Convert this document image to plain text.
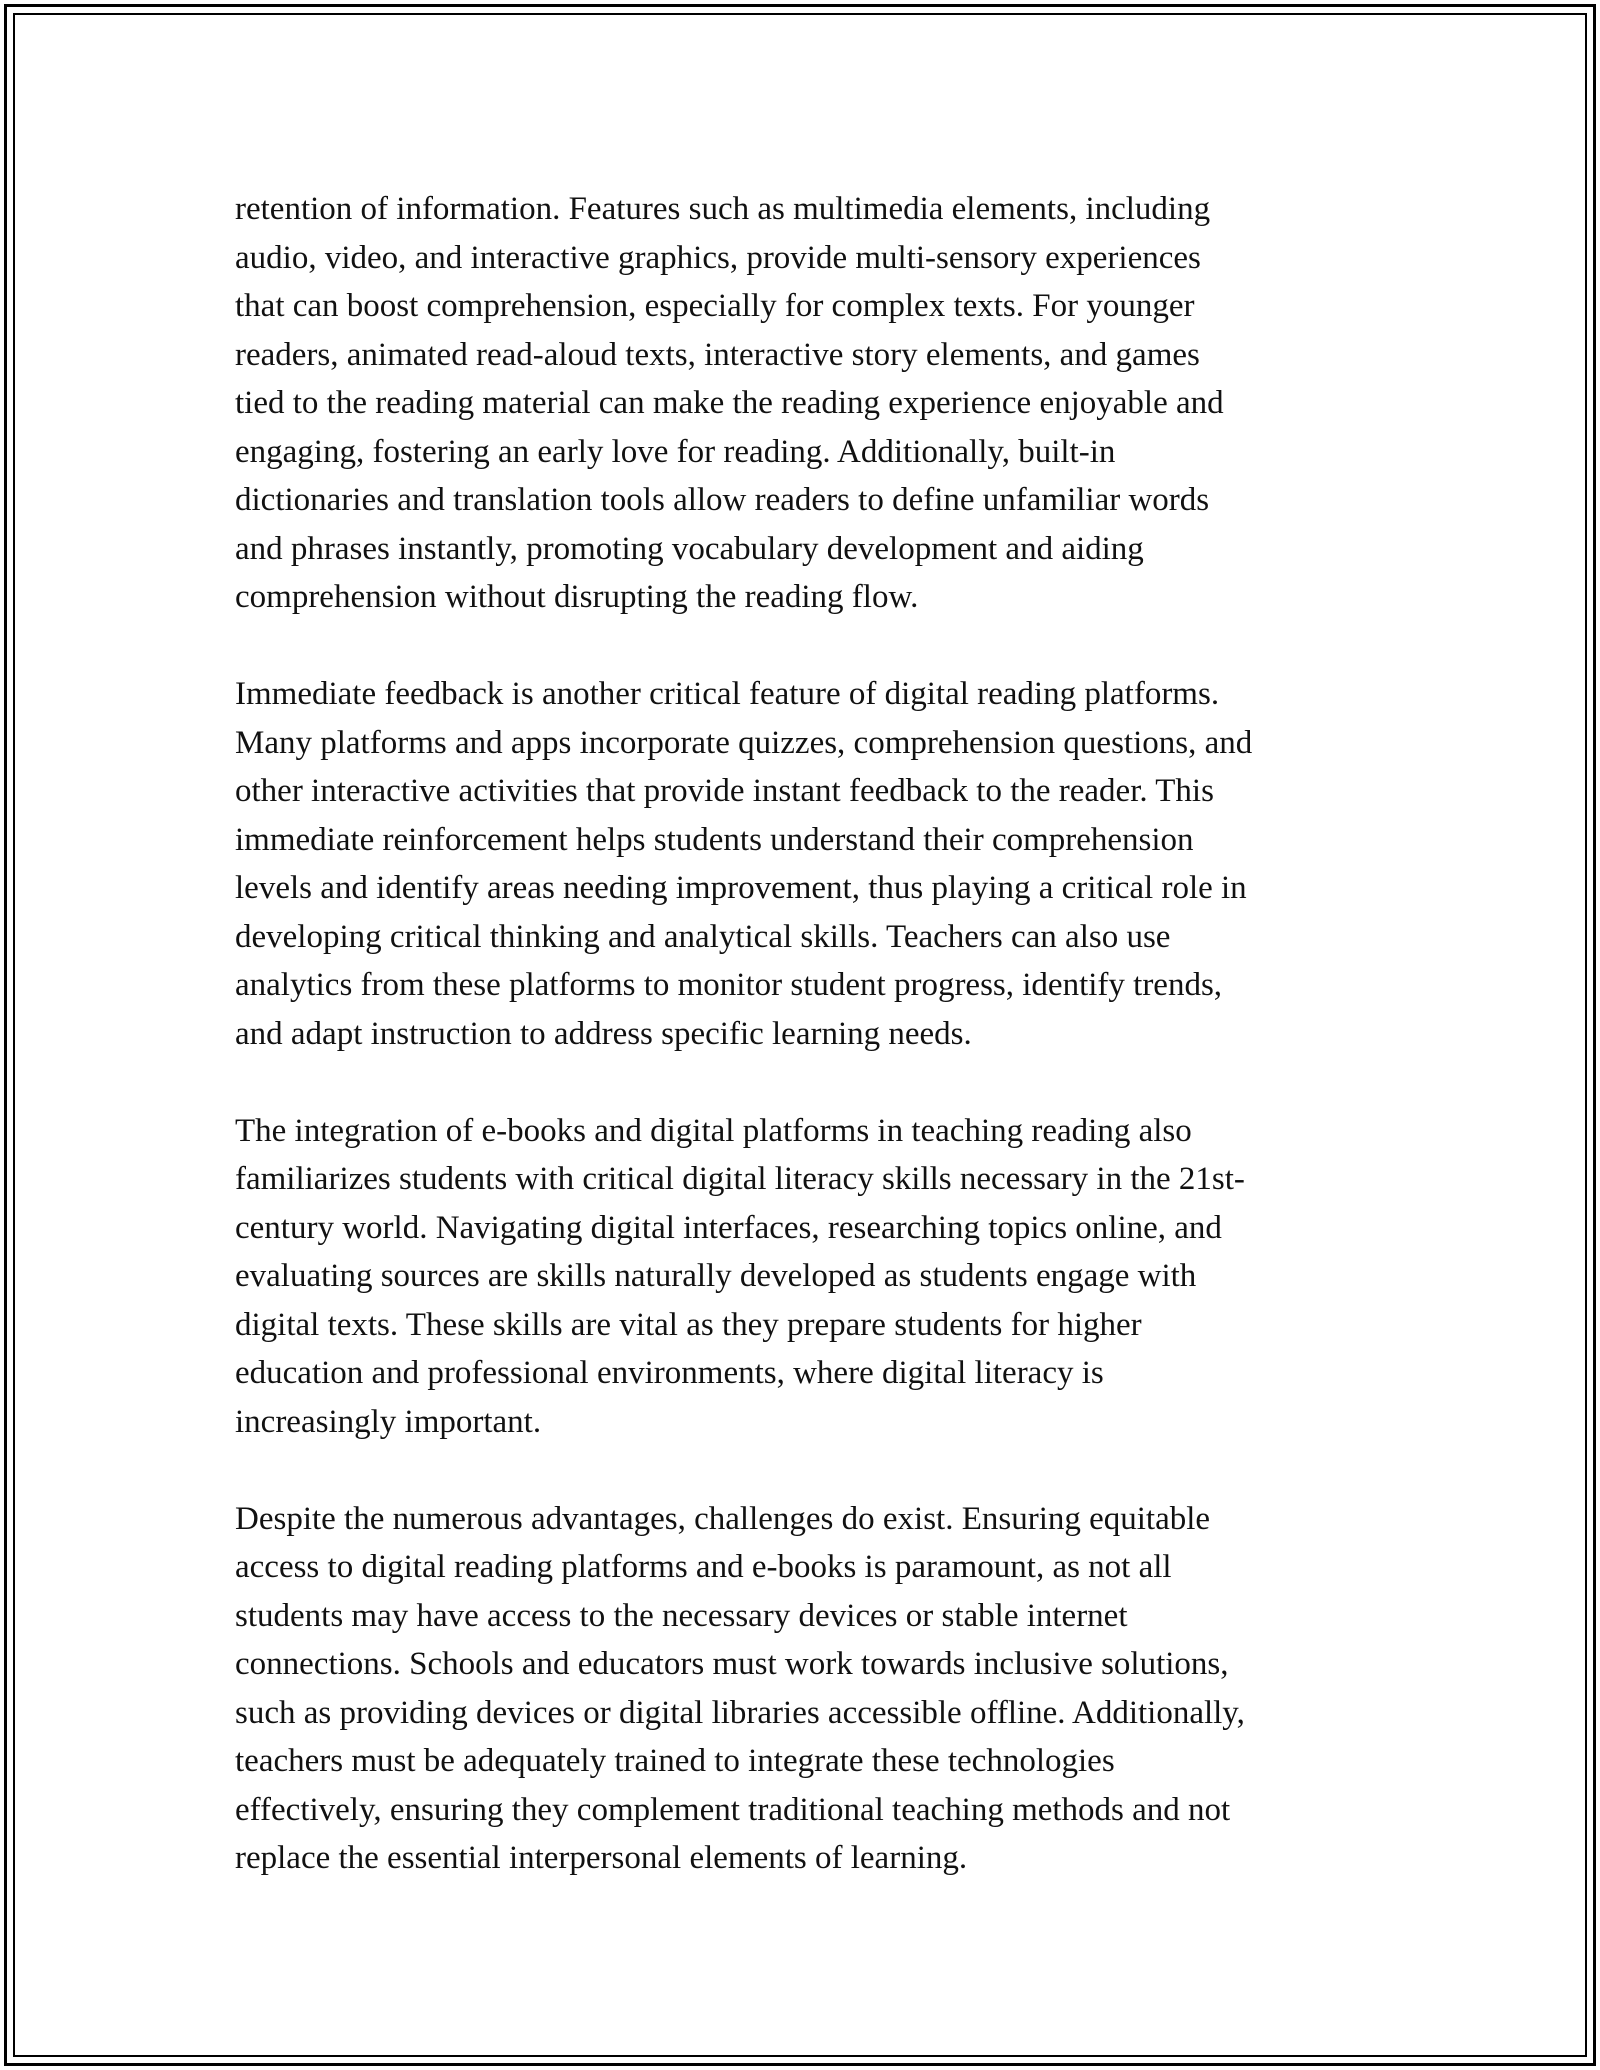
retention of information. Features such as multimedia elements, including
audio, video, and interactive graphics, provide multi-sensory experiences
that can boost comprehension, especially for complex texts. For younger
readers, animated read-aloud texts, interactive story elements, and games
tied to the reading material can make the reading experience enjoyable and
engaging, fostering an early love for reading. Additionally, built-in
dictionaries and translation tools allow readers to define unfamiliar words
and phrases instantly, promoting vocabulary development and aiding
comprehension without disrupting the reading flow.

Immediate feedback is another critical feature of digital reading platforms.
Many platforms and apps incorporate quizzes, comprehension questions, and
other interactive activities that provide instant feedback to the reader. This
immediate reinforcement helps students understand their comprehension
levels and identify areas needing improvement, thus playing a critical role in
developing critical thinking and analytical skills. Teachers can also use
analytics from these platforms to monitor student progress, identify trends,
and adapt instruction to address specific learning needs.

The integration of e-books and digital platforms in teaching reading also
familiarizes students with critical digital literacy skills necessary in the 21st-
century world. Navigating digital interfaces, researching topics online, and
evaluating sources are skills naturally developed as students engage with
digital texts. These skills are vital as they prepare students for higher
education and professional environments, where digital literacy is
increasingly important.

Despite the numerous advantages, challenges do exist. Ensuring equitable
access to digital reading platforms and e-books is paramount, as not all
students may have access to the necessary devices or stable internet
connections. Schools and educators must work towards inclusive solutions,
such as providing devices or digital libraries accessible offline. Additionally,
teachers must be adequately trained to integrate these technologies
effectively, ensuring they complement traditional teaching methods and not
replace the essential interpersonal elements of learning.
